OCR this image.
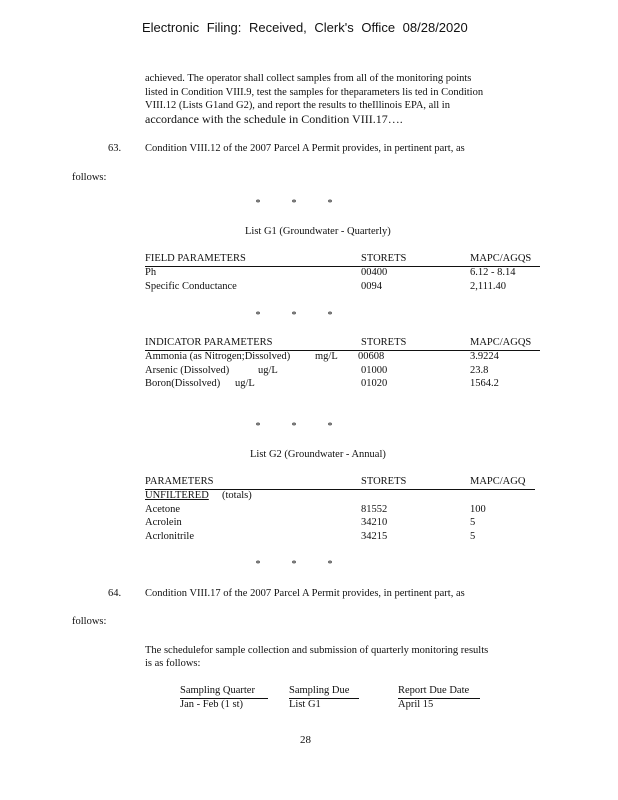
Electronic Filing: Received, Clerk's Office 08/28/2020
achieved. The operator shall collect samples from all of the monitoring points
listed in Condition VIII.9, test the samples for theparameters lis ted in Condition
VIII.12 (Lists G1and G2), and report the results to theIllinois EPA, all in
accordance with the schedule in Condition VIII.17….
63. Condition VIII.12 of the 2007 Parcel A Permit provides, in pertinent part, as
follows:
*	*	*
List G1 (Groundwater - Quarterly)
FIELD PARAMETERS	STORETS	MAPC/AGQS
Ph	00400	6.12 - 8.14
Specific Conductance	0094	2,111.40
*	*	*
INDICATOR PARAMETERS	STORETS	MAPC/AGQS
Ammonia (as Nitrogen;Dissolved) mg/L 00608	3.9224
Arsenic (Dissolved)	ug/L	01000	23.8
Boron(Dissolved) ug/L	01020	1564.2
*	*	*
List G2 (Groundwater - Annual)
PARAMETERS	STORETS	MAPC/AGQ
UNFILTERED (totals)
Acetone	81552	100
Acrolein	34210	5
Acrlonitrile	34215	5
*	*	*
64. Condition VIII.17 of the 2007 Parcel A Permit provides, in pertinent part, as
follows:
The schedulefor sample collection and submission of quarterly monitoring results
is as follows:
Sampling Quarter	Sampling Due	Report Due Date
Jan - Feb (1 st)	List G1	April 15
28
